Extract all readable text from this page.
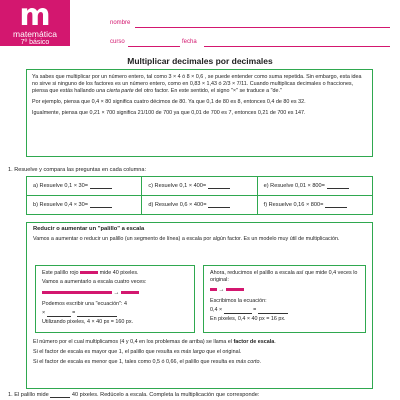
m
matemática
7º básico
nombre
curso	fecha
Multiplicar decimales por decimales

Ya sabes que multiplicar por un número entero, tal como 3 × 4 ó 8 × 0,6 , se puede entender como suma repetida. Sin embargo, esta idea no sirve si ninguno de los factores es un número entero, como en 0,83 × 1,43 ó 2/3 × 7/11. Cuando multiplicas decimales o fracciones, piensa que estás hallando una cierta parte del otro factor. En este sentido, el signo "×" se traduce a "de."

Por ejemplo, piensa que 0,4 × 80 significa cuatro décimos de 80. Ya que 0,1 de 80 es 8, entonces 0,4 de 80 es 32.

Igualmente, piensa que 0,21 × 700 significa 21/100 de 700 ya que 0,01 de 700 es 7, entonces 0,21 de 700 es 147.

1. Resuelve y compara las preguntas en cada columna:
a) Resuelve 0,1 × 30=	c) Resuelve 0,1 × 400=	e) Resuelve 0,01 × 800=
b) Resuelve 0,4 × 30=	d) Resuelve 0,6 × 400=	f) Resuelve 0,16 × 800=
Reducir o aumentar un "palillo" a escala
Vamos a aumentar o reducir un palillo (un segmento de línea) a escala por algún factor. Es un modelo muy útil de multiplicación.
Este palillo rojo	mide 40 pixeles.
Vamos a aumentarlo a escala cuatro veces:
→
Podemos escribir una "ecuación": 4
×	=
Utilizando pixeles, 4 × 40 px = 160 px.
Ahora, reducimos el palillo a escala así que mide 0,4 veces lo original:
→
Escribimos la ecuación:
0,4 ×	=
En pixeles, 0,4 × 40 px = 16 px.

El número por el cual multiplicamos (4 y 0,4 en los problemas de arriba) se llama el factor de escala.

Si el factor de escala es mayor que 1, el palillo que resulta es más largo que el original.

Si el factor de escala es menor que 1, tales como 0,5 ó 0,66, el palillo que resulta es más corto.

1. El palillo mide	40 pixeles. Redúcelo a escala. Completa la multiplicación que corresponde:
